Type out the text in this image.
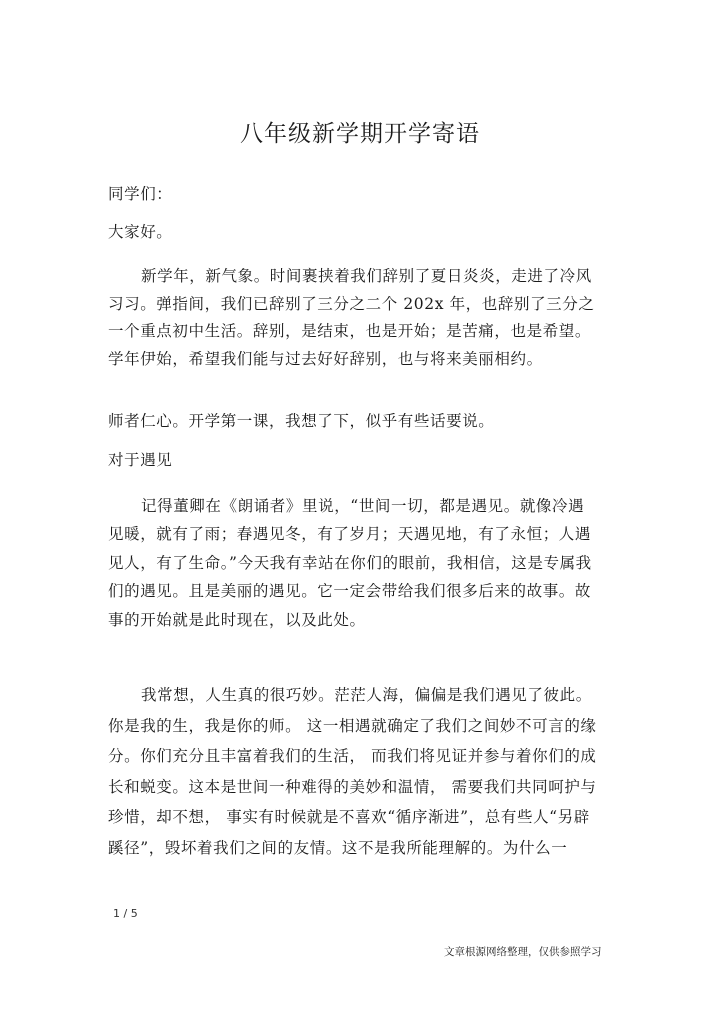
八年级新学期开学寄语

同学们：

大家好。

新学年，新气象。时间裹挟着我们辞别了夏日炎炎，走进了冷风习习。弹指间，我们已辞别了三分之二个 202x 年，也辞别了三分之一个重点初中生活。辞别，是结束，也是开始；是苦痛，也是希望。学年伊始，希望我们能与过去好好辞别，也与将来美丽相约。

师者仁心。开学第一课，我想了下，似乎有些话要说。

对于遇见

记得董卿在《朗诵者》里说，“世间一切，都是遇见。就像冷遇见暖，就有了雨；春遇见冬，有了岁月；天遇见地，有了永恒；人遇见人，有了生命。”今天我有幸站在你们的眼前，我相信，这是专属我们的遇见。且是美丽的遇见。它一定会带给我们很多后来的故事。故事的开始就是此时现在，以及此处。

我常想，人生真的很巧妙。茫茫人海，偏偏是我们遇见了彼此。你是我的生，我是你的师。 这一相遇就确定了我们之间妙不可言的缘分。你们充分且丰富着我们的生活， 而我们将见证并参与着你们的成长和蜕变。这本是世间一种难得的美妙和温情， 需要我们共同呵护与珍惜，却不想， 事实有时候就是不喜欢“循序渐进”，总有些人“另辟蹊径”，毁坏着我们之间的友情。这不是我所能理解的。为什么一

1 / 5
文章根源网络整理，仅供参照学习
